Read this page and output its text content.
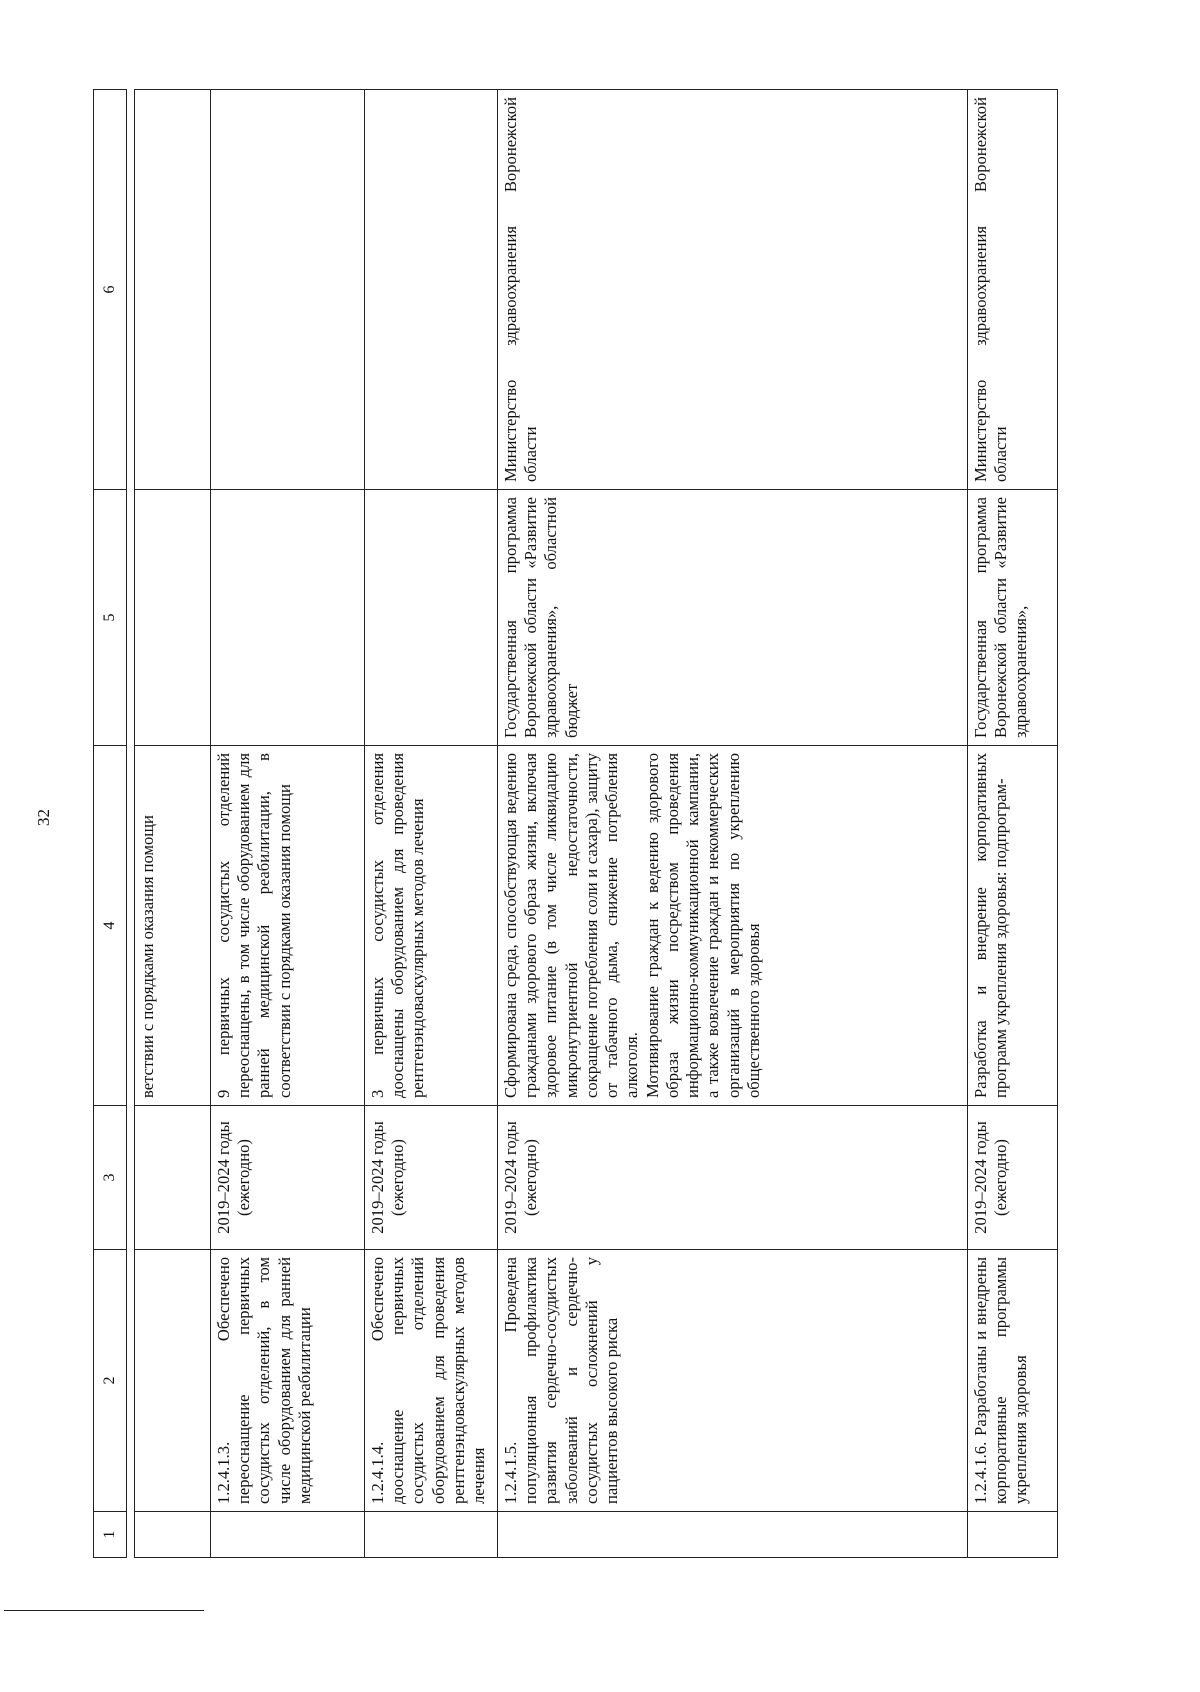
32
1	2	3	4	5	6

			ветствии с порядками оказания помощи		
	1.2.4.1.3. Обеспечено переоснащение первичных сосудистых отделений, в том числе оборудованием для ранней медицинской реабилитации	2019–2024 годы (ежегодно)	9 первичных сосудистых отделений переоснащены, в том числе оборудованием для ранней медицинской реабилитации, в соответствии с порядками оказания помощи		
	1.2.4.1.4. Обеспечено дооснащение первичных сосудистых отделений оборудованием для проведения рентгенэндоваскулярных методов лечения	2019–2024 годы (ежегодно)	3 первичных сосудистых отделения дооснащены оборудованием для проведения рентгенэндоваскулярных методов лечения		
	1.2.4.1.5. Проведена популяционная профилактика развития сердечно-сосудистых заболеваний и сердечно-сосудистых осложнений у пациентов высокого риска	2019–2024 годы (ежегодно)	Сформирована среда, способствующая ведению гражданами здорового образа жизни, включая здоровое питание (в том числе ликвидацию микронутриентной недостаточности, сокращение потребления соли и сахара), защиту от табачного дыма, снижение потребления алкоголя.
Мотивирование граждан к ведению здорового образа жизни посредством проведения информационно-коммуникационной кампании, а также вовлечение граждан и некоммерческих организаций в мероприятия по укреплению общественного здоровья	Государственная программа Воронежской области «Развитие здравоохранения», областной бюджет	Министерство здравоохранения Воронежской области
	1.2.4.1.6. Разработаны и внедрены корпоративные программы укрепления здоровья	2019–2024 годы (ежегодно)	Разработка и внедрение корпоративных программ укрепления здоровья: подпрограм-	Государственная программа Воронежской области «Развитие здравоохранения»,	Министерство здравоохранения Воронежской области
